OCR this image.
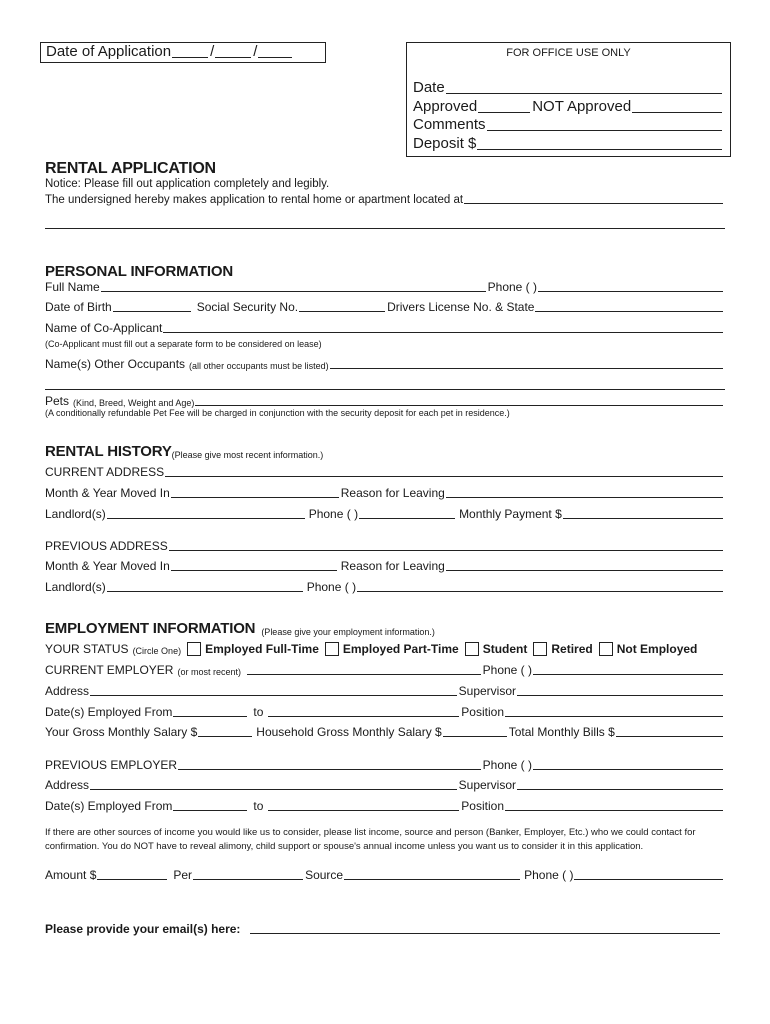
Date of Application	/	/	FOR OFFICE USE ONLY
Date
Approved	NOT Approved
Comments
Deposit $
RENTAL APPLICATION
Notice: Please fill out application completely and legibly.
The undersigned hereby makes application to rental home or apartment located at
PERSONAL INFORMATION
Full Name	Phone ( )
Date of Birth	Social Security No.	Drivers License No. & State
Name of Co-Applicant
(Co-Applicant must fill out a separate form to be considered on lease)
Name(s) Other Occupants (all other occupants must be listed)
Pets (Kind, Breed, Weight and Age)
(A conditionally refundable Pet Fee will be charged in conjunction with the security deposit for each pet in residence.)
RENTAL HISTORY (Please give most recent information.)
CURRENT ADDRESS
Month & Year Moved In	Reason for Leaving
Landlord(s)	Phone ( )	Monthly Payment $
PREVIOUS ADDRESS
Month & Year Moved In	Reason for Leaving
Landlord(s)	Phone ( )
EMPLOYMENT INFORMATION (Please give your employment information.)
YOUR STATUS (Circle One) Employed Full-Time Employed Part-Time Student Retired Not Employed
CURRENT EMPLOYER (or most recent)	Phone ( )
Address	Supervisor
Date(s) Employed From	to	Position
Your Gross Monthly Salary $	Household Gross Monthly Salary $	Total Monthly Bills $
PREVIOUS EMPLOYER	Phone ( )
Address	Supervisor
Date(s) Employed From	to	Position
If there are other sources of income you would like us to consider, please list income, source and person (Banker, Employer, Etc.) who we could contact for confirmation. You do NOT have to reveal alimony, child support or spouse's annual income unless you want us to consider it in this application.
Amount $	Per	Source	Phone ( )
Please provide your email(s) here:
